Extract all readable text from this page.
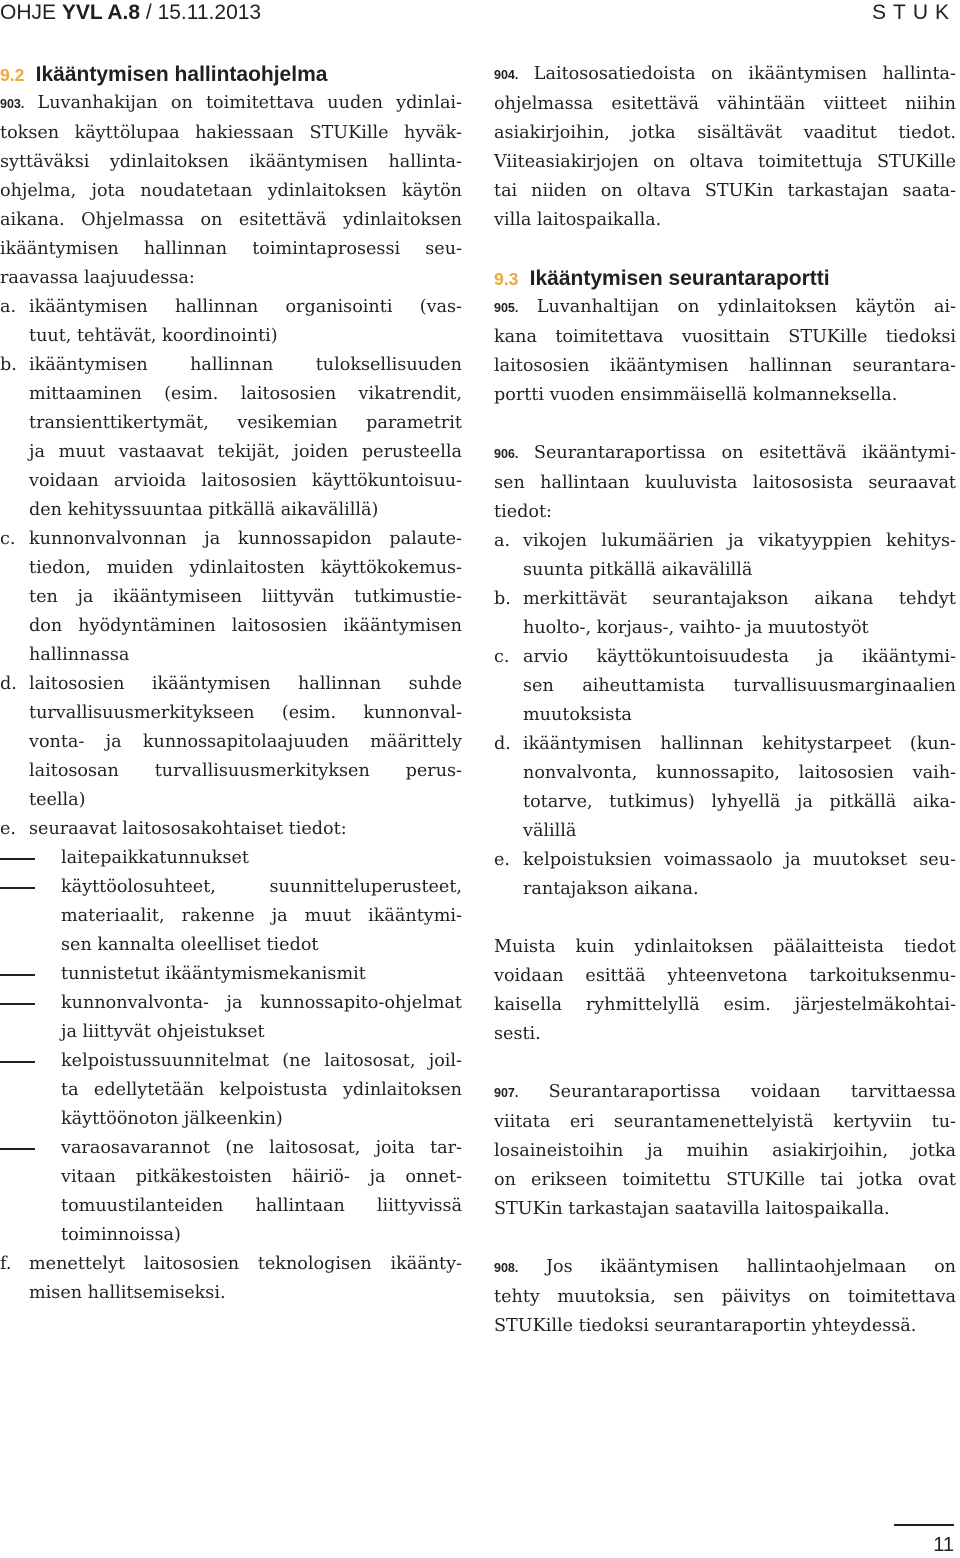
OHJE YVL A.8 / 15.11.2013	STUK

9.2 Ikääntymisen hallintaohjelma

903. Luvanhakijan on toimitettava uuden ydinlai-

toksen käyttölupaa hakiessaan STUKille hyväk-

syttäväksi ydinlaitoksen ikääntymisen hallinta-

ohjelma, jota noudatetaan ydinlaitoksen käytön

aikana. Ohjelmassa on esitettävä ydinlaitoksen

ikääntymisen hallinnan toimintaprosessi seu-

raavassa laajuudessa:

a. ikääntymisen hallinnan organisointi (vas-

tuut, tehtävät, koordinointi)

b. ikääntymisen hallinnan tuloksellisuuden

mittaaminen (esim. laitososien vikatrendit,

transienttikertymät, vesikemian parametrit

ja muut vastaavat tekijät, joiden perusteella

voidaan arvioida laitososien käyttökuntoisuu-

den kehityssuuntaa pitkällä aikavälillä)

c. kunnonvalvonnan ja kunnossapidon palaute-

tiedon, muiden ydinlaitosten käyttökokemus-

ten ja ikääntymiseen liittyvän tutkimustie-

don hyödyntäminen laitososien ikääntymisen

hallinnassa

d. laitososien ikääntymisen hallinnan suhde

turvallisuusmerkitykseen (esim. kunnonval-

vonta- ja kunnossapitolaajuuden määrittely

laitososan turvallisuusmerkityksen perus-

teella)

e. seuraavat laitososakohtaiset tiedot:

laitepaikkatunnukset

käyttöolosuhteet, suunnitteluperusteet,

materiaalit, rakenne ja muut ikääntymi-

sen kannalta oleelliset tiedot

tunnistetut ikääntymismekanismit

kunnonvalvonta- ja kunnossapito-ohjelmat

ja liittyvät ohjeistukset

kelpoistussuunnitelmat (ne laitososat, joil-

ta edellytetään kelpoistusta ydinlaitoksen

käyttöönoton jälkeenkin)

varaosavarannot (ne laitososat, joita tar-

vitaan pitkäkestoisten häiriö- ja onnet-

tomuustilanteiden hallintaan liittyvissä

toiminnoissa)

f. menettelyt laitososien teknologisen ikäänty-

misen hallitsemiseksi.

904. Laitososatiedoista on ikääntymisen hallinta-

ohjelmassa esitettävä vähintään viitteet niihin

asiakirjoihin, jotka sisältävät vaaditut tiedot.

Viiteasiakirjojen on oltava toimitettuja STUKille

tai niiden on oltava STUKin tarkastajan saata-

villa laitospaikalla.

9.3 Ikääntymisen seurantaraportti

905. Luvanhaltijan on ydinlaitoksen käytön ai-

kana toimitettava vuosittain STUKille tiedoksi

laitososien ikääntymisen hallinnan seurantara-

portti vuoden ensimmäisellä kolmanneksella.

906. Seurantaraportissa on esitettävä ikääntymi-

sen hallintaan kuuluvista laitososista seuraavat

tiedot:

a. vikojen lukumäärien ja vikatyyppien kehitys-

suunta pitkällä aikavälillä

b. merkittävät seurantajakson aikana tehdyt

huolto-, korjaus-, vaihto- ja muutostyöt

c. arvio käyttökuntoisuudesta ja ikääntymi-

sen aiheuttamista turvallisuusmarginaalien

muutoksista

d. ikääntymisen hallinnan kehitystarpeet (kun-

nonvalvonta, kunnossapito, laitososien vaih-

totarve, tutkimus) lyhyellä ja pitkällä aika-

välillä

e. kelpoistuksien voimassaolo ja muutokset seu-

rantajakson aikana.

Muista kuin ydinlaitoksen päälaitteista tiedot

voidaan esittää yhteenvetona tarkoituksenmu-

kaisella ryhmittelyllä esim. järjestelmäkohtai-

sesti.

907. Seurantaraportissa voidaan tarvittaessa

viitata eri seurantamenettelyistä kertyviin tu-

losaineistoihin ja muihin asiakirjoihin, jotka

on erikseen toimitettu STUKille tai jotka ovat

STUKin tarkastajan saatavilla laitospaikalla.

908. Jos ikääntymisen hallintaohjelmaan on

tehty muutoksia, sen päivitys on toimitettava

STUKille tiedoksi seurantaraportin yhteydessä.

11
